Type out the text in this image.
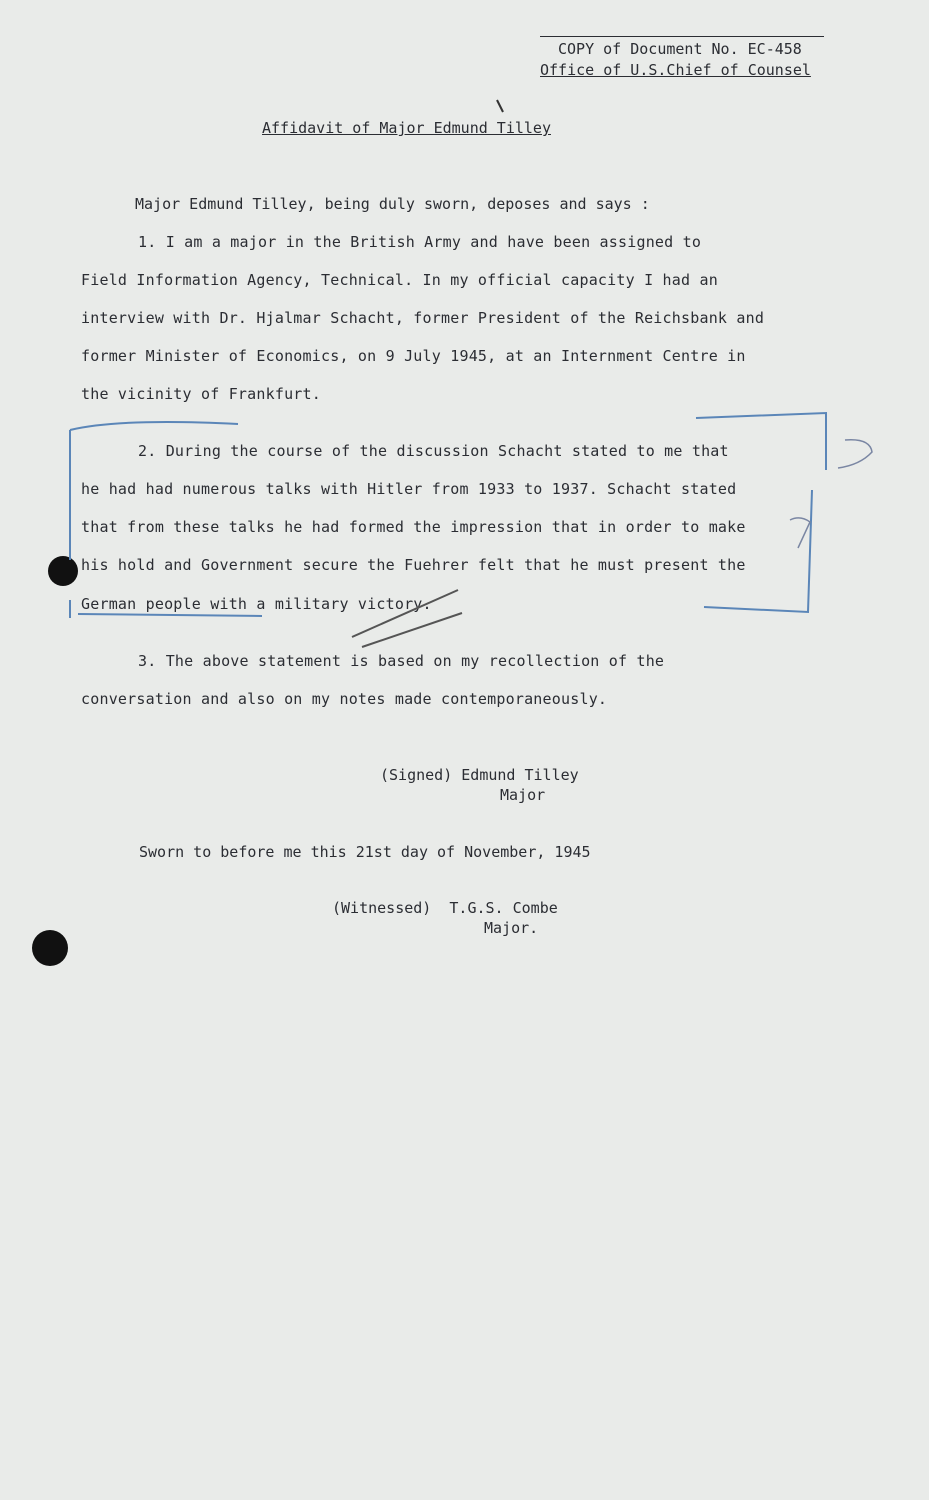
COPY of Document No. EC-458
Office of U.S.Chief of Counsel
Affidavit of Major Edmund Tilley
Major Edmund Tilley, being duly sworn, deposes and says :
1. I am a major in the British Army and have been assigned to
Field Information Agency, Technical. In my official capacity I had an
interview with Dr. Hjalmar Schacht, former President of the Reichsbank and
former Minister of Economics, on 9 July 1945, at an Internment Centre in
the vicinity of Frankfurt.
2. During the course of the discussion Schacht stated to me that
he had had numerous talks with Hitler from 1933 to 1937. Schacht stated
that from these talks he had formed the impression that in order to make
his hold and Government secure the Fuehrer felt that he must present the
German people with a military victory.
3. The above statement is based on my recollection of the
conversation and also on my notes made contemporaneously.
(Signed) Edmund Tilley
Major
Sworn to before me this 21st day of November, 1945
(Witnessed)  T.G.S. Combe
Major.
